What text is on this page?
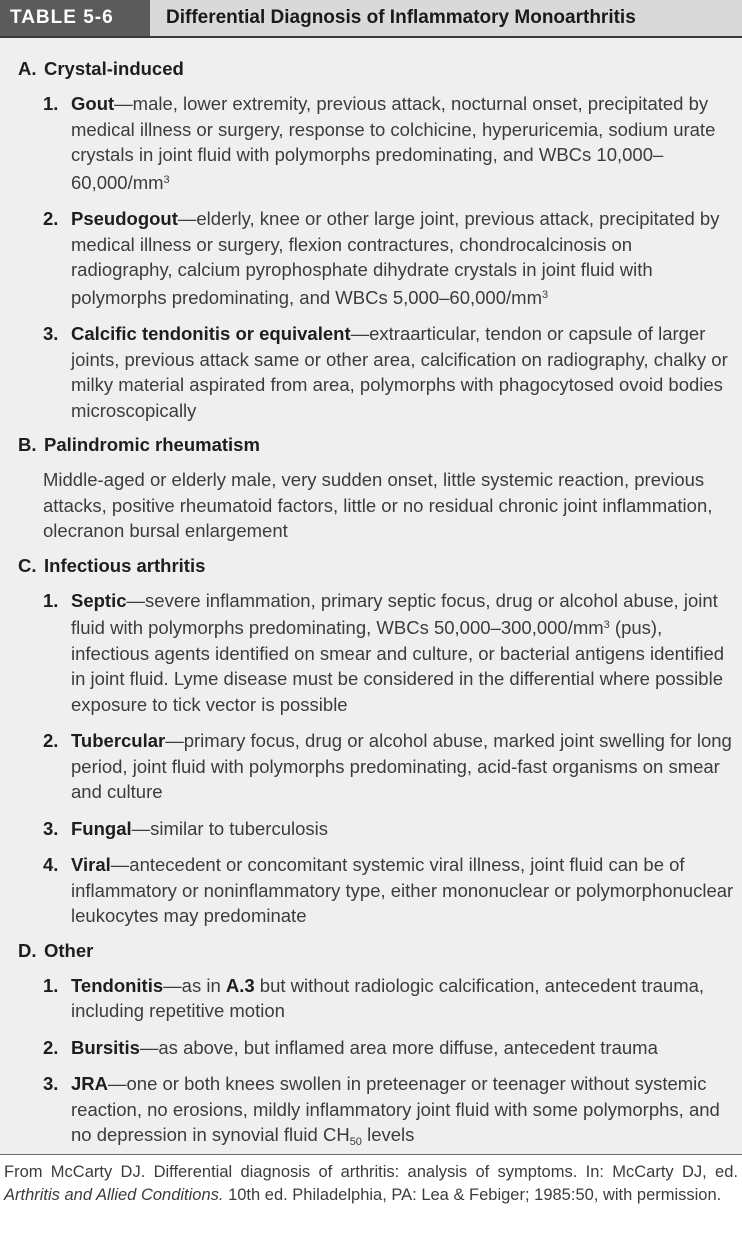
TABLE 5-6	Differential Diagnosis of Inflammatory Monoarthritis
A. Crystal-induced
1. Gout—male, lower extremity, previous attack, nocturnal onset, precipitated by medical illness or surgery, response to colchicine, hyperuricemia, sodium urate crystals in joint fluid with polymorphs predominating, and WBCs $10,000-60,000/mm^3$
2. Pseudogout—elderly, knee or other large joint, previous attack, precipitated by medical illness or surgery, flexion contractures, chondrocalcinosis on radiography, calcium pyrophosphate dihydrate crystals in joint fluid with polymorphs predominating, and WBCs $5,000-60,000/mm^3$
3. Calcific tendonitis or equivalent—extraarticular, tendon or capsule of larger joints, previous attack same or other area, calcification on radiography, chalky or milky material aspirated from area, polymorphs with phagocytosed ovoid bodies microscopically
B. Palindromic rheumatism
Middle-aged or elderly male, very sudden onset, little systemic reaction, previous attacks, positive rheumatoid factors, little or no residual chronic joint inflammation, olecranon bursal enlargement
C. Infectious arthritis
1. Septic—severe inflammation, primary septic focus, drug or alcohol abuse, joint fluid with polymorphs predominating, WBCs $50,000-300,000/mm^3$ (pus), infectious agents identified on smear and culture, or bacterial antigens identified in joint fluid. Lyme disease must be considered in the differential where possible exposure to tick vector is possible
2. Tubercular—primary focus, drug or alcohol abuse, marked joint swelling for long period, joint fluid with polymorphs predominating, acid-fast organisms on smear and culture
3. Fungal—similar to tuberculosis
4. Viral—antecedent or concomitant systemic viral illness, joint fluid can be of inflammatory or noninflammatory type, either mononuclear or polymorphonuclear leukocytes may predominate
D. Other
1. Tendonitis—as in A.3 but without radiologic calcification, antecedent trauma, including repetitive motion
2. Bursitis—as above, but inflamed area more diffuse, antecedent trauma
3. JRA—one or both knees swollen in preteenager or teenager without systemic reaction, no erosions, mildly inflammatory joint fluid with some polymorphs, and no depression in synovial fluid $CH_{50}$ levels
From McCarty DJ. Differential diagnosis of arthritis: analysis of symptoms. In: McCarty DJ, ed. Arthritis and Allied Conditions. 10th ed. Philadelphia, PA: Lea & Febiger; 1985:50, with permission.
